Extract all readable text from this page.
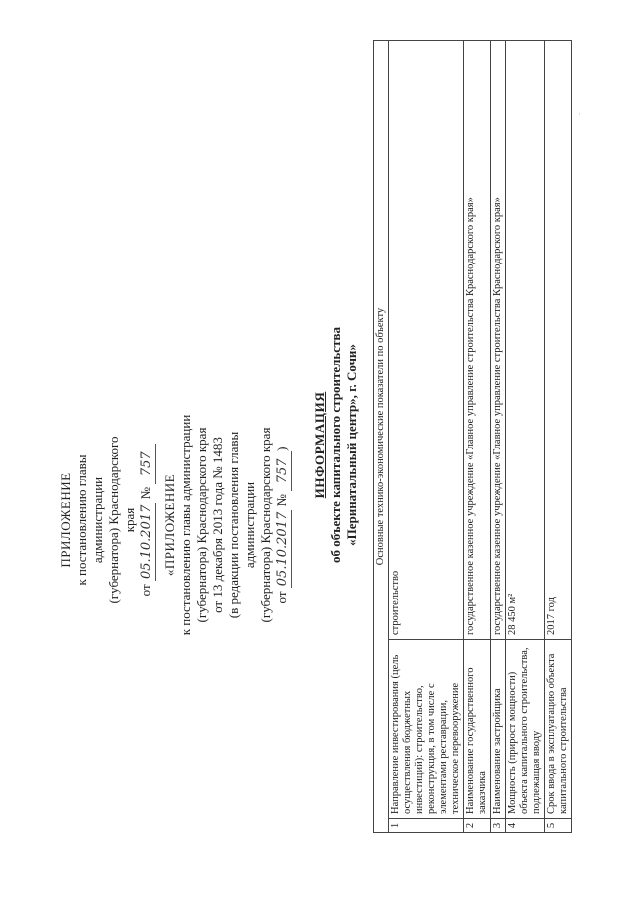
ПРИЛОЖЕНИЕ к постановлению главы администрации (губернатора) Краснодарского края
от 05.10.2017 № 757
«ПРИЛОЖЕНИЕ к постановлению главы администрации (губернатора) Краснодарского края от 13 декабря 2013 года № 1483 (в редакции постановления главы администрации (губернатора) Краснодарского края от 05.10.2017 № 757) ИНФОРМАЦИЯ об объекте капитального строительства «Перинатальный центр», г. Сочи» Основные технико-экономические показатели по объекту		
1	Направление инвестирования (цель осуществления бюджетных инвестиций): строительство, реконструкция, в том числе с элементами реставрации, техническое перевооружение	строительство
2	Наименование государственного заказчика	государственное казенное учреждение «Главное управление строительства Краснодарского края»
3	Наименование застройщика	государственное казенное учреждение «Главное управление строительства Краснодарского края»
4	Мощность (прирост мощности) объекта капитального строительства, подлежащая вводу	28 450 м²
5	Срок ввода в эксплуатацию объекта капитального строительства	2017 год
.
